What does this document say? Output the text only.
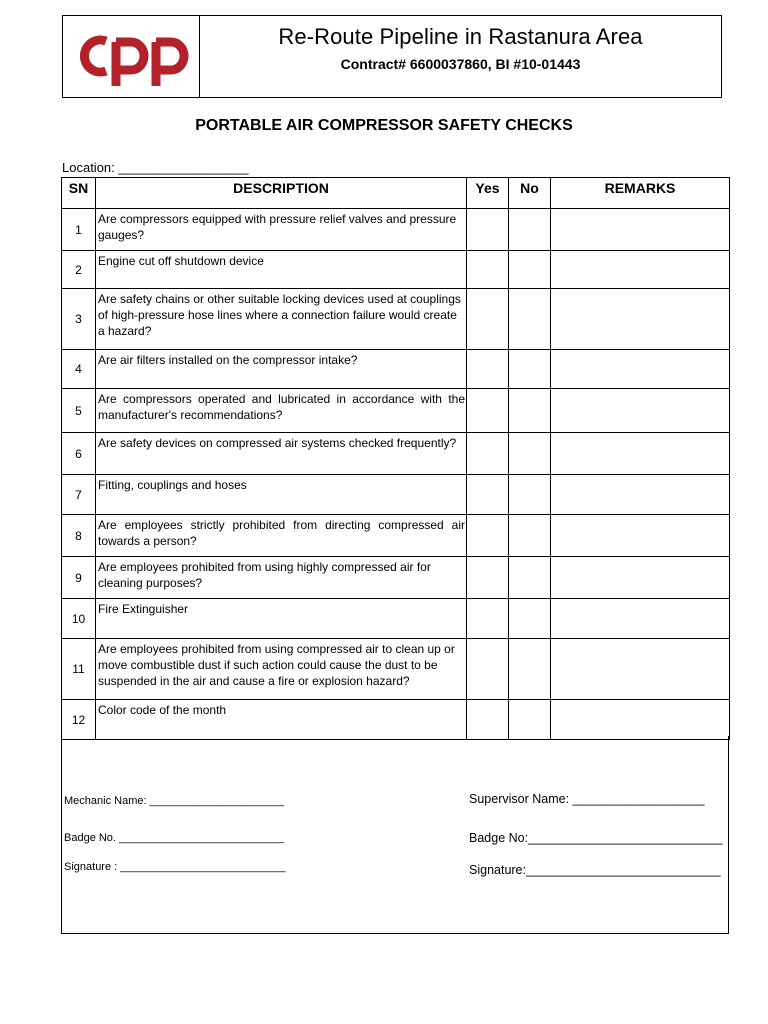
Re-Route Pipeline in Rastanura Area
Contract# 6600037860, BI #10-01443
PORTABLE AIR COMPRESSOR SAFETY CHECKS
Location: __________________
SN	DESCRIPTION	Yes	No	REMARKS
1	Are compressors equipped with pressure relief valves and pressure gauges?			
2	Engine cut off shutdown device			
3	Are safety chains or other suitable locking devices used at couplings of high-pressure hose lines where a connection failure would create a hazard?			
4	Are air filters installed on the compressor intake?			
5	Are compressors operated and lubricated in accordance with the manufacturer's recommendations?			
6	Are safety devices on compressed air systems checked frequently?			
7	Fitting, couplings and hoses			
8	Are employees strictly prohibited from directing compressed air towards a person?			
9	Are employees prohibited from using highly compressed air for cleaning purposes?			
10	Fire Extinguisher			
11	Are employees prohibited from using compressed air to clean up or move combustible dust if such action could cause the dust to be suspended in the air and cause a fire or explosion hazard?			
12	Color code of the month			
Mechanic Name: ______________________
Badge No. ___________________________
Signature : ___________________________
Supervisor Name: ___________________
Badge No:____________________________
Signature:____________________________
